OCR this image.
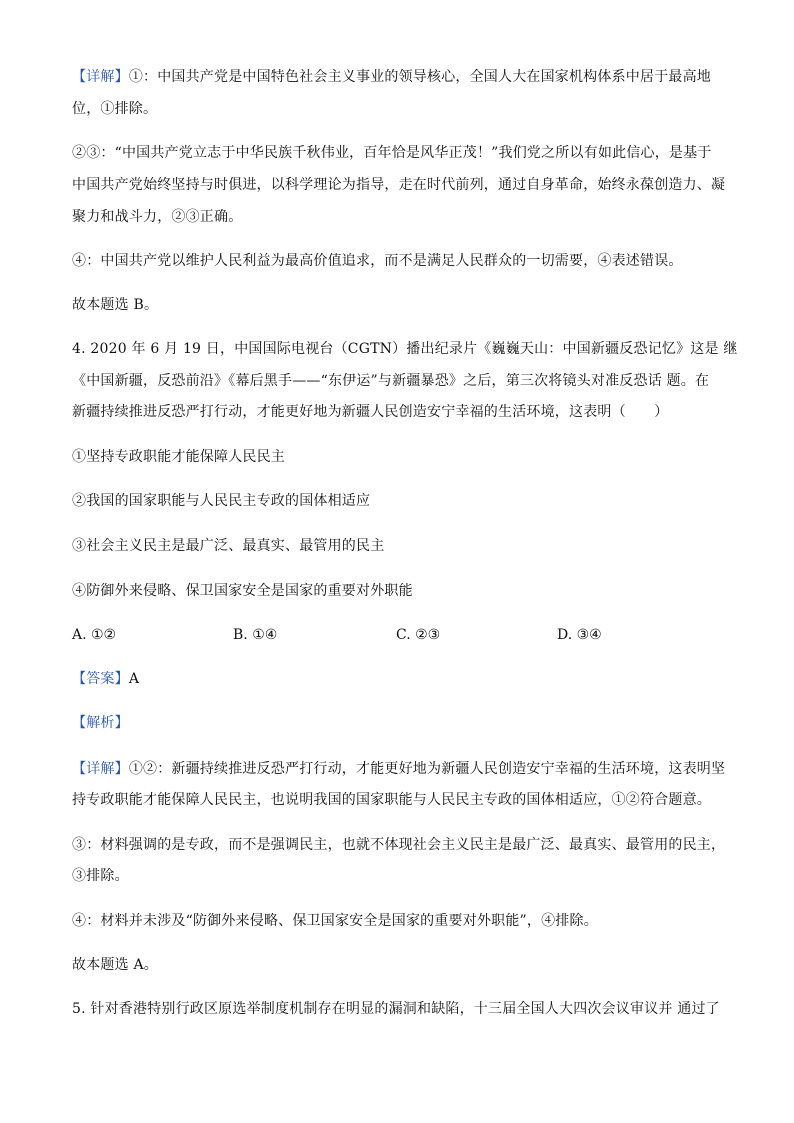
【详解】①：中国共产党是中国特色社会主义事业的领导核心，全国人大在国家机构体系中居于最高地
位，①排除。
②③：“中国共产党立志于中华民族千秋伟业，百年恰是风华正茂！”我们党之所以有如此信心，是基于
中国共产党始终坚持与时俱进，以科学理论为指导，走在时代前列，通过自身革命，始终永葆创造力、凝
聚力和战斗力，②③正确。
④：中国共产党以维护人民利益为最高价值追求，而不是满足人民群众的一切需要，④表述错误。
故本题选 B。
4. 2020 年 6 月 19 日，中国国际电视台（CGTN）播出纪录片《巍巍天山：中国新疆反恐记忆》这是 继
《中国新疆，反恐前沿》《幕后黑手——“东伊运”与新疆暴恐》之后，第三次将镜头对准反恐话 题。在
新疆持续推进反恐严打行动，才能更好地为新疆人民创造安宁幸福的生活环境，这表明（　　）
①坚持专政职能才能保障人民民主
②我国的国家职能与人民民主专政的国体相适应
③社会主义民主是最广泛、最真实、最管用的民主
④防御外来侵略、保卫国家安全是国家的重要对外职能
A. ①②	B. ①④	C. ②③	D. ③④
【答案】A
【解析】
【详解】①②：新疆持续推进反恐严打行动，才能更好地为新疆人民创造安宁幸福的生活环境，这表明坚
持专政职能才能保障人民民主，也说明我国的国家职能与人民民主专政的国体相适应，①②符合题意。
③：材料强调的是专政，而不是强调民主，也就不体现社会主义民主是最广泛、最真实、最管用的民主，
③排除。
④：材料并未涉及“防御外来侵略、保卫国家安全是国家的重要对外职能”，④排除。
故本题选 A。
5. 针对香港特别行政区原选举制度机制存在明显的漏洞和缺陷，十三届全国人大四次会议审议并 通过了
